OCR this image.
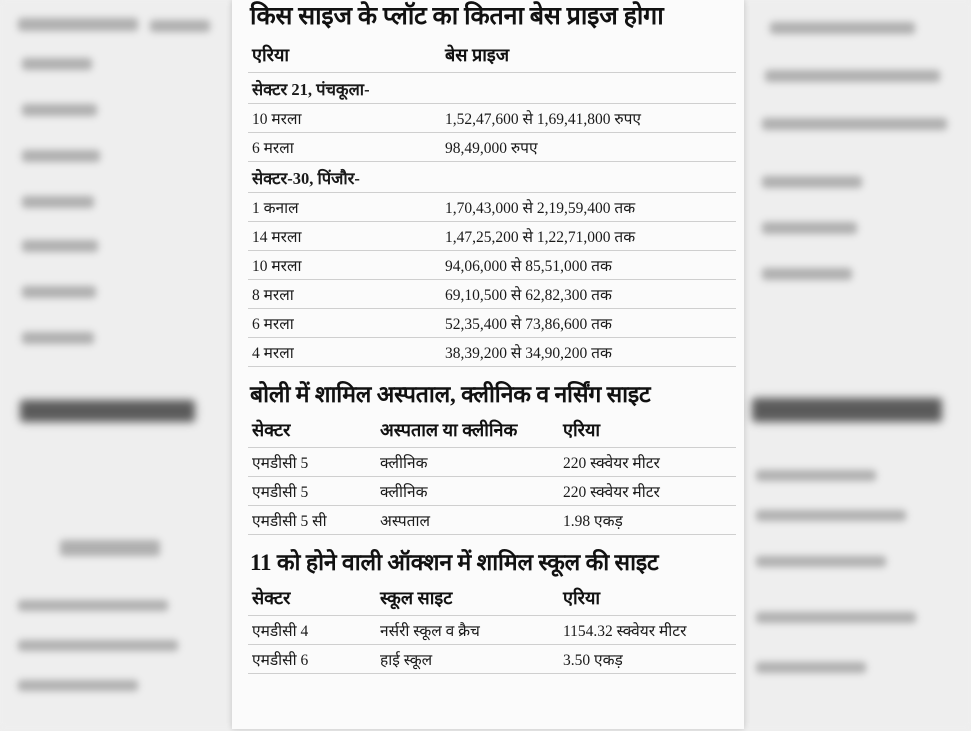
किस साइज के प्लॉट का कितना बेस प्राइज होगा
एरिया	बेस प्राइज
सेक्टर 21, पंचकूला-	
10 मरला	1,52,47,600 से 1,69,41,800 रुपए
6 मरला	98,49,000 रुपए
सेक्टर-30, पिंजौर-	
1 कनाल	1,70,43,000 से 2,19,59,400 तक
14 मरला	1,47,25,200 से 1,22,71,000 तक
10 मरला	94,06,000 से 85,51,000 तक
8 मरला	69,10,500 से 62,82,300 तक
6 मरला	52,35,400 से 73,86,600 तक
4 मरला	38,39,200 से 34,90,200 तक
बोली में शामिल अस्पताल, क्लीनिक व नर्सिंग साइट
सेक्टर	अस्पताल या क्लीनिक	एरिया
एमडीसी 5	क्लीनिक	220 स्क्वेयर मीटर
एमडीसी 5	क्लीनिक	220 स्क्वेयर मीटर
एमडीसी 5 सी	अस्पताल	1.98 एकड़
11 को होने वाली ऑक्शन में शामिल स्कूल की साइट
सेक्टर	स्कूल साइट	एरिया
एमडीसी 4	नर्सरी स्कूल व क्रैच	1154.32 स्क्वेयर मीटर
एमडीसी 6	हाई स्कूल	3.50 एकड़
